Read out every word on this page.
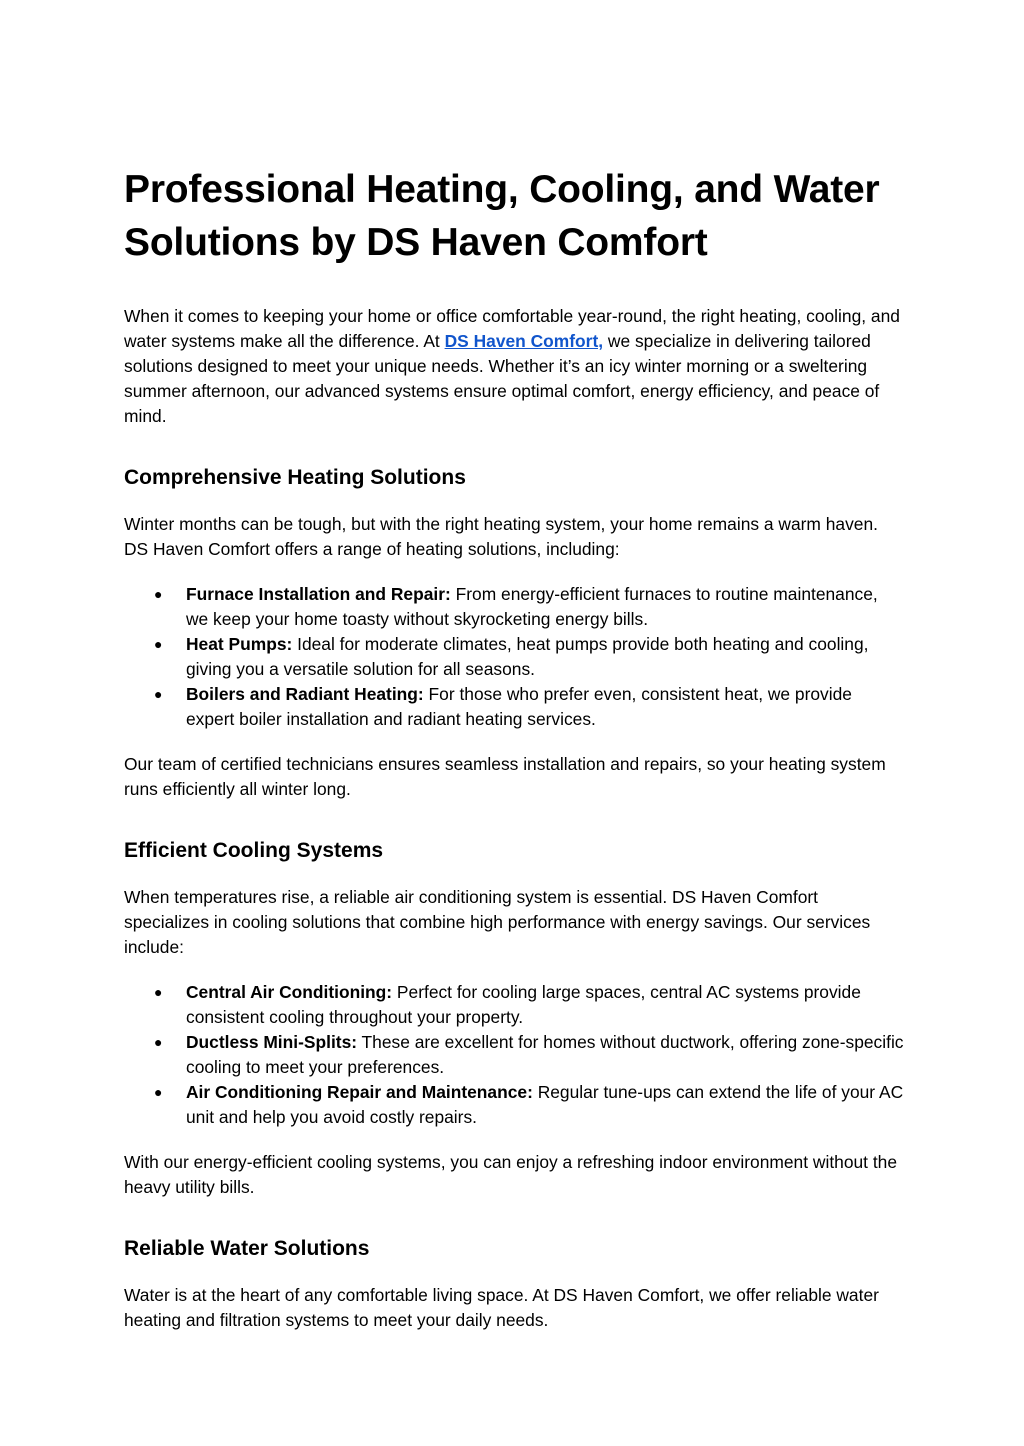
Professional Heating, Cooling, and Water Solutions by DS Haven Comfort

When it comes to keeping your home or office comfortable year-round, the right heating, cooling, and water systems make all the difference. At DS Haven Comfort, we specialize in delivering tailored solutions designed to meet your unique needs. Whether it’s an icy winter morning or a sweltering summer afternoon, our advanced systems ensure optimal comfort, energy efficiency, and peace of mind.

Comprehensive Heating Solutions

Winter months can be tough, but with the right heating system, your home remains a warm haven. DS Haven Comfort offers a range of heating solutions, including:

● Furnace Installation and Repair: From energy-efficient furnaces to routine maintenance, we keep your home toasty without skyrocketing energy bills.
● Heat Pumps: Ideal for moderate climates, heat pumps provide both heating and cooling, giving you a versatile solution for all seasons.
● Boilers and Radiant Heating: For those who prefer even, consistent heat, we provide expert boiler installation and radiant heating services.

Our team of certified technicians ensures seamless installation and repairs, so your heating system runs efficiently all winter long.

Efficient Cooling Systems

When temperatures rise, a reliable air conditioning system is essential. DS Haven Comfort specializes in cooling solutions that combine high performance with energy savings. Our services include:

● Central Air Conditioning: Perfect for cooling large spaces, central AC systems provide consistent cooling throughout your property.
● Ductless Mini-Splits: These are excellent for homes without ductwork, offering zone-specific cooling to meet your preferences.
● Air Conditioning Repair and Maintenance: Regular tune-ups can extend the life of your AC unit and help you avoid costly repairs.

With our energy-efficient cooling systems, you can enjoy a refreshing indoor environment without the heavy utility bills.

Reliable Water Solutions

Water is at the heart of any comfortable living space. At DS Haven Comfort, we offer reliable water heating and filtration systems to meet your daily needs.
